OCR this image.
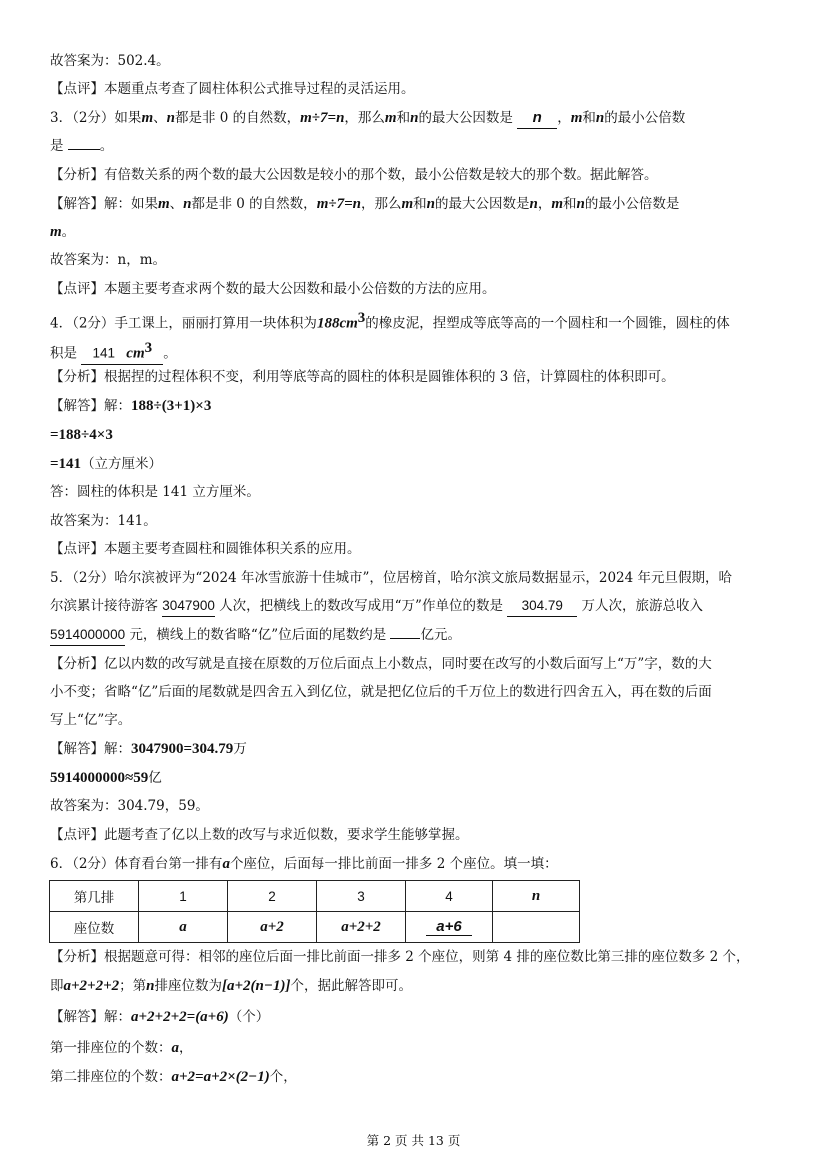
故答案为：502.4。
【点评】本题重点考查了圆柱体积公式推导过程的灵活运用。
3．（2分）如果m、n都是非 0 的自然数，m÷7=n，那么m和n的最大公因数是 n ，m和n的最小公倍数
是 。
【分析】有倍数关系的两个数的最大公因数是较小的那个数，最小公倍数是较大的那个数。据此解答。
【解答】解：如果m、n都是非 0 的自然数，m÷7=n，那么m和n的最大公因数是n，m和n的最小公倍数是
m。
故答案为：n，m。
【点评】本题主要考查求两个数的最大公因数和最小公倍数的方法的应用。
4．（2分）手工课上，丽丽打算用一块体积为$188cm^3$的橡皮泥，捏塑成等底等高的一个圆柱和一个圆锥，圆柱的体
积是 141 $cm^3$ 。
【分析】根据捏的过程体积不变，利用等底等高的圆柱的体积是圆锥体积的 3 倍，计算圆柱的体积即可。
【解答】解：188÷(3+1)×3
=188÷4×3
=141（立方厘米）
答：圆柱的体积是 141 立方厘米。
故答案为：141。
【点评】本题主要考查圆柱和圆锥体积关系的应用。
5．（2分）哈尔滨被评为“2024 年冰雪旅游十佳城市”，位居榜首，哈尔滨文旅局数据显示，2024 年元旦假期，哈
尔滨累计接待游客 3047900 人次，把横线上的数改写成用“万”作单位的数是 304.79 万人次，旅游总收入
5914000000 元，横线上的数省略“亿”位后面的尾数约是 亿元。
【分析】亿以内数的改写就是直接在原数的万位后面点上小数点，同时要在改写的小数后面写上“万”字，数的大
小不变；省略“亿”后面的尾数就是四舍五入到亿位，就是把亿位后的千万位上的数进行四舍五入，再在数的后面
写上“亿”字。
【解答】解：3047900=304.79万
5914000000≈59亿
故答案为：304.79，59。
【点评】此题考查了亿以上数的改写与求近似数，要求学生能够掌握。
6．（2分）体育看台第一排有a个座位，后面每一排比前面一排多 2 个座位。填一填：
第几排	1	2	3	4	n
座位数	a	a+2	a+2+2	a+6	
【分析】根据题意可得：相邻的座位后面一排比前面一排多 2 个座位，则第 4 排的座位数比第三排的座位数多 2 个，
即a+2+2+2；第n排座位数为[a+2(n−1)]个，据此解答即可。
【解答】解：a+2+2+2=(a+6)（个）
第一排座位的个数：a，
第二排座位的个数：a+2=a+2×(2−1)个，
第 2 页 共 13 页
